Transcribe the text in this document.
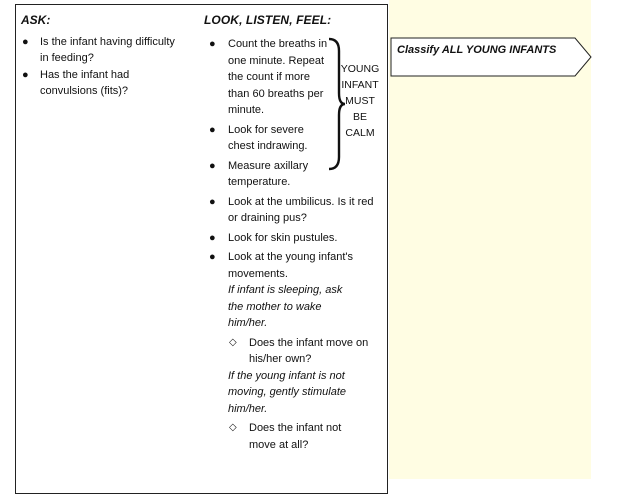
ASK:
● Is the infant having difficulty in feeding?
● Has the infant had convulsions (fits)?
LOOK, LISTEN, FEEL:
● Count the breaths in one minute. Repeat the count if more than 60 breaths per minute.
● Look for severe chest indrawing.
● Measure axillary temperature.
● Look at the umbilicus. Is it red or draining pus?
● Look for skin pustules.
● Look at the young infant's movements.
If infant is sleeping, ask the mother to wake him/her.
◇ Does the infant move on his/her own?
If the young infant is not moving, gently stimulate him/her.
◇ Does the infant not move at all?
YOUNG
INFANT
MUST
BE
CALM
Classify ALL YOUNG INFANTS
